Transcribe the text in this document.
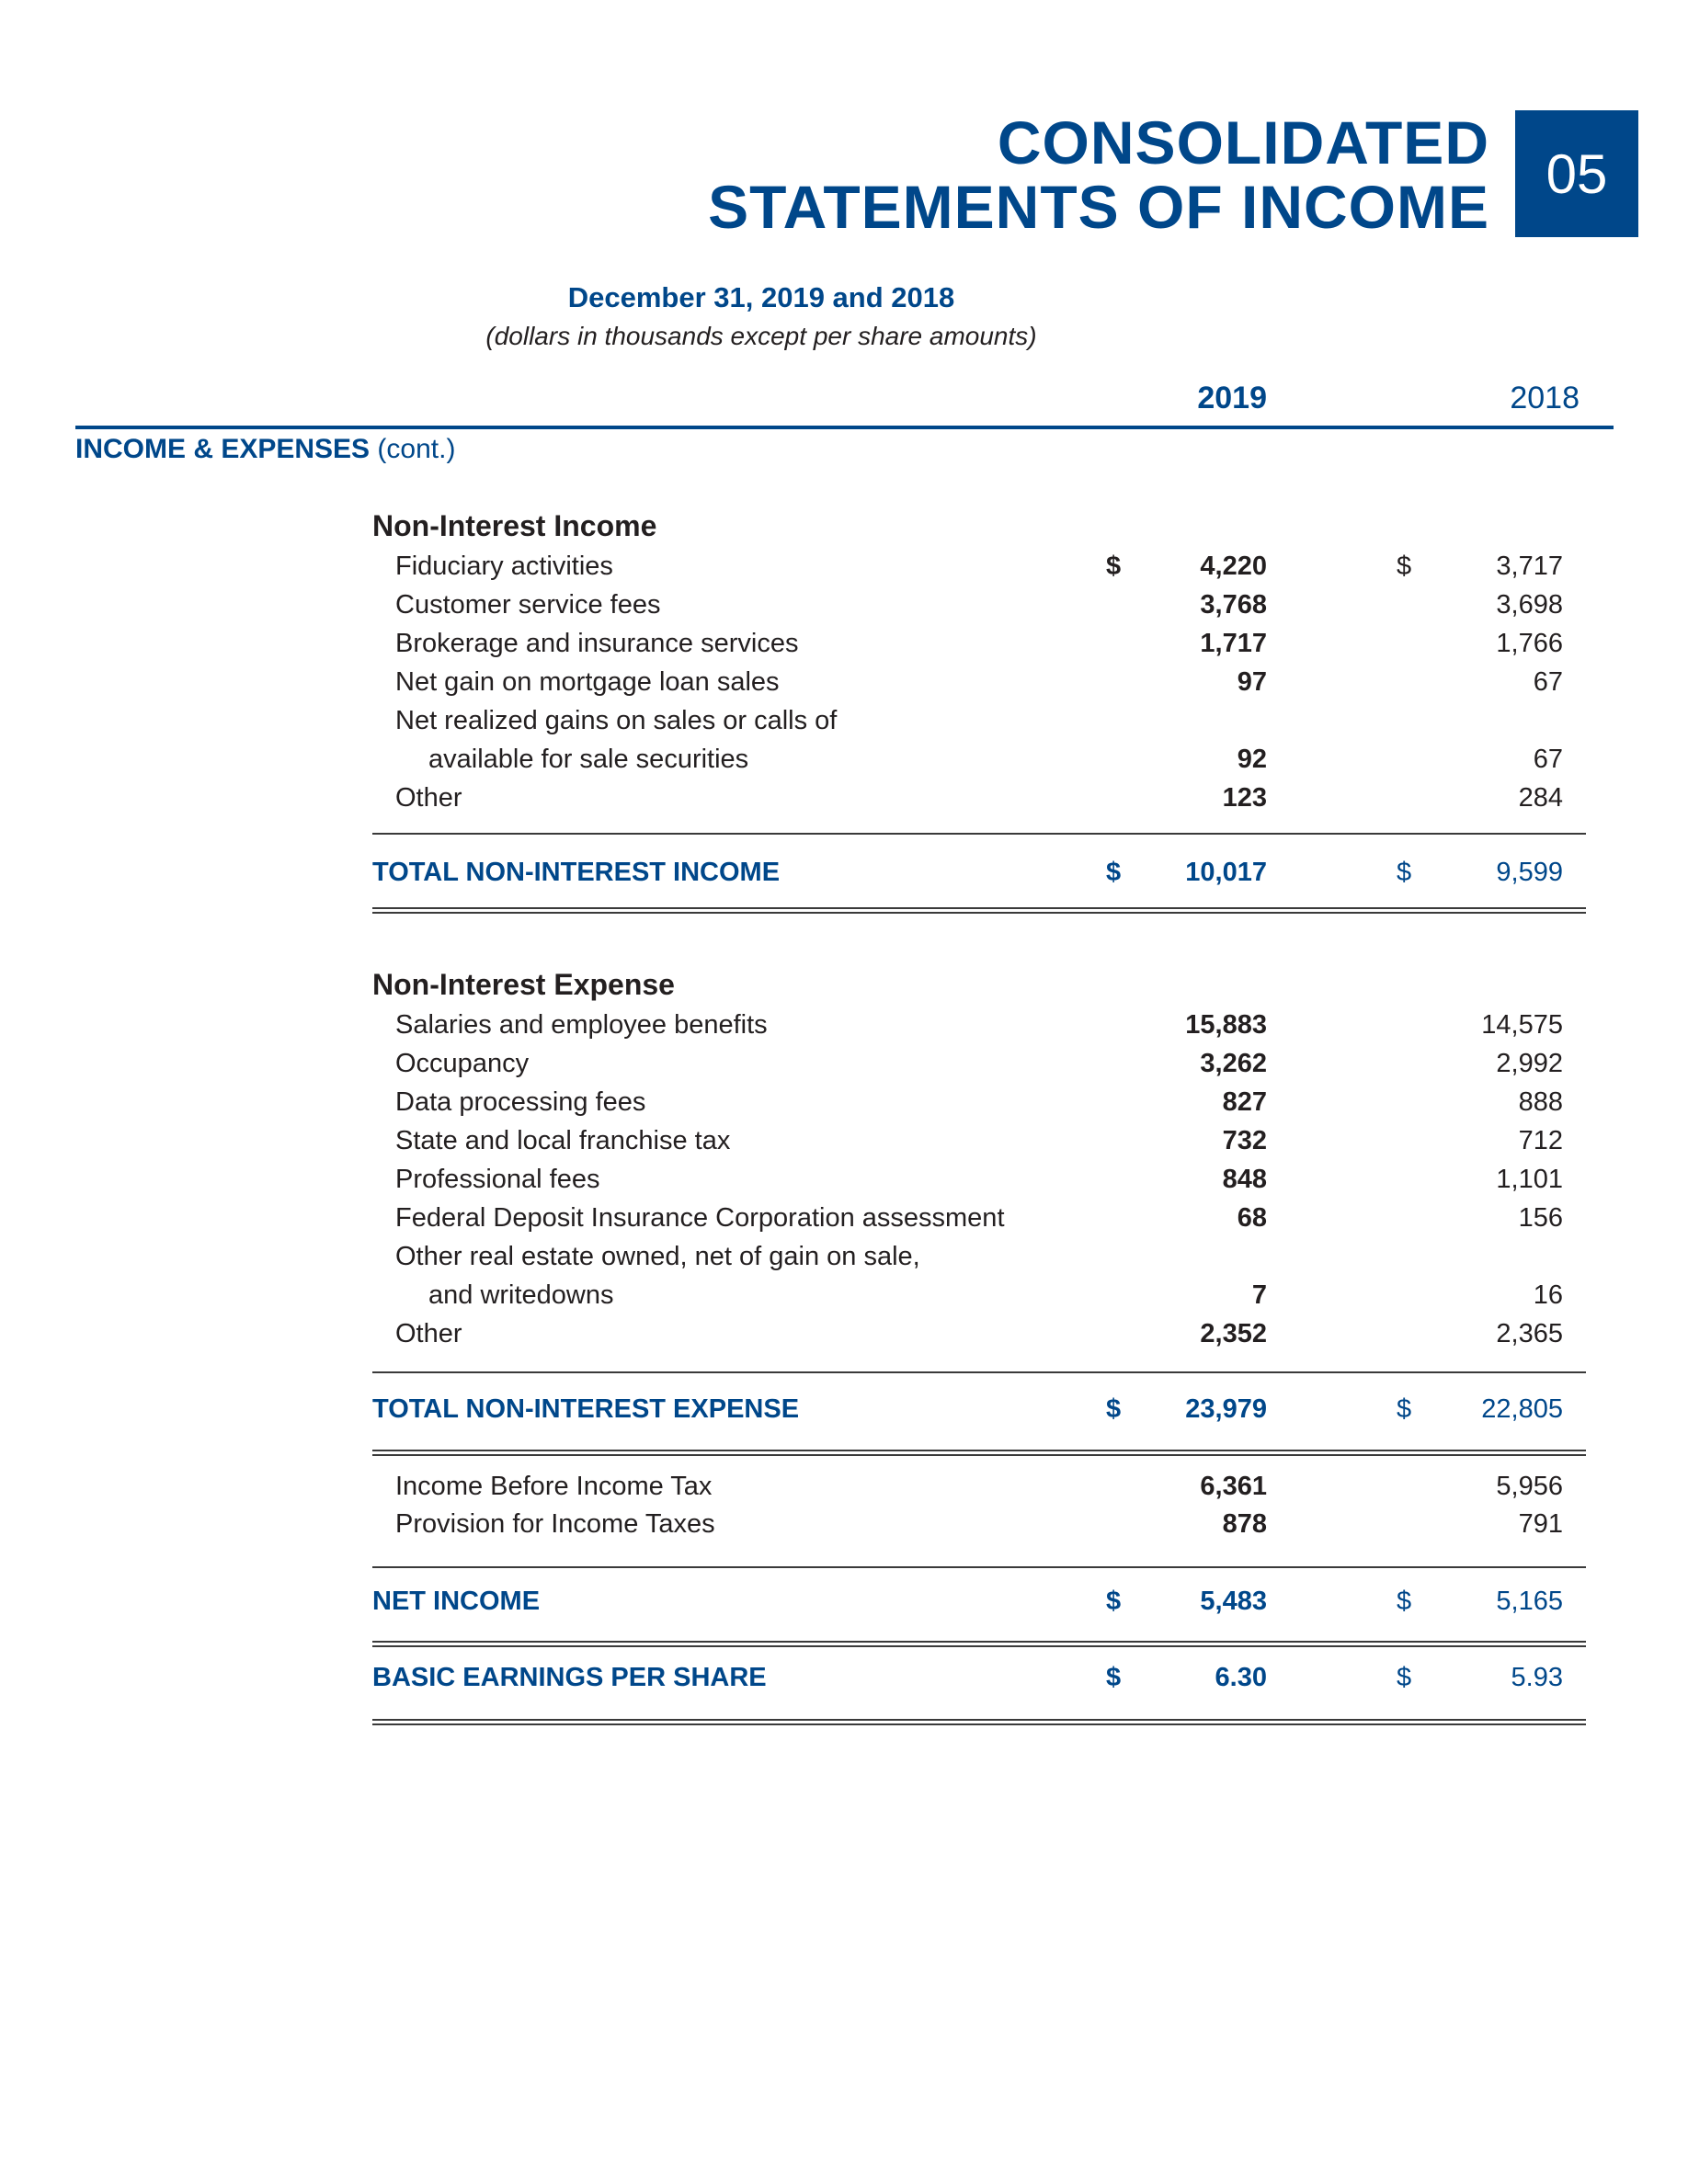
CONSOLIDATED
STATEMENTS OF INCOME 05
December 31, 2019 and 2018
(dollars in thousands except per share amounts)
2019	2018
INCOME & EXPENSES (cont.)
Non-Interest Income
Fiduciary activities	$	4,220	$	3,717
Customer service fees	3,768	3,698
Brokerage and insurance services	1,717	1,766
Net gain on mortgage loan sales	97	67
Net realized gains on sales or calls of
available for sale securities	92	67
Other	123	284
TOTAL NON-INTEREST INCOME	$ 10,017	$	9,599
Non-Interest Expense
Salaries and employee benefits	15,883	14,575
Occupancy	3,262	2,992
Data processing fees	827	888
State and local franchise tax	732	712
Professional fees	848	1,101
Federal Deposit Insurance Corporation assessment	68	156
Other real estate owned, net of gain on sale,
and writedowns	7	16
Other	2,352	2,365
TOTAL NON-INTEREST EXPENSE	$ 23,979	$	22,805
Income Before Income Tax	6,361	5,956
Provision for Income Taxes	878	791
NET INCOME	$	5,483	$	5,165
BASIC EARNINGS PER SHARE	$	6.30	$	5.93
